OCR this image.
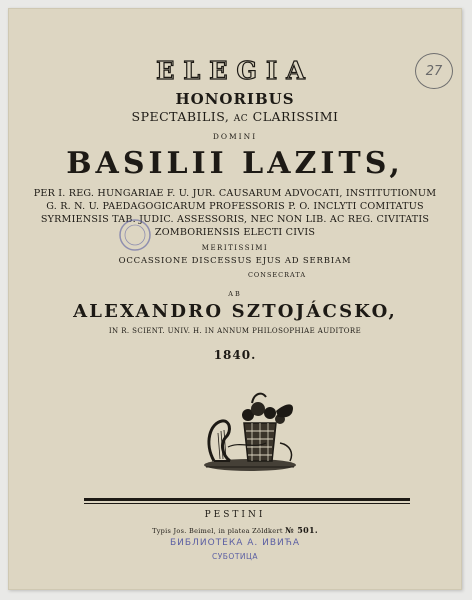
27
ELEGIA
HONORIBUS
SPECTABILIS, AC CLARISSIMI
DOMINI
BASILII LAZITS,
PER I. REG. HUNGARIAE F. U. JUR. CAUSARUM ADVOCATI, INSTITUTIONUM
G. R. N. U. PAEDAGOGICARUM PROFESSORIS P. O. INCLYTI COMITATUS
SYRMIENSIS TAB. JUDIC. ASSESSORIS, NEC NON LIB. AC REG. CIVITATIS
ZOMBORIENSIS ELECTI CIVIS
MERITISSIMI
OCCASSIONE DISCESSUS EJUS AD SERBIAM
CONSECRATA
AB
ALEXANDRO SZTOJÁCSKO,
IN R. SCIENT. UNIV. H. IN ANNUM PHILOSOPHIAE AUDITORE
1840.
PESTINI
Typis Jos. Beimel, in platea Zöldkert № 501.
БИБЛИОТЕКА А. ИВИЋА
СУБОТИЦА
